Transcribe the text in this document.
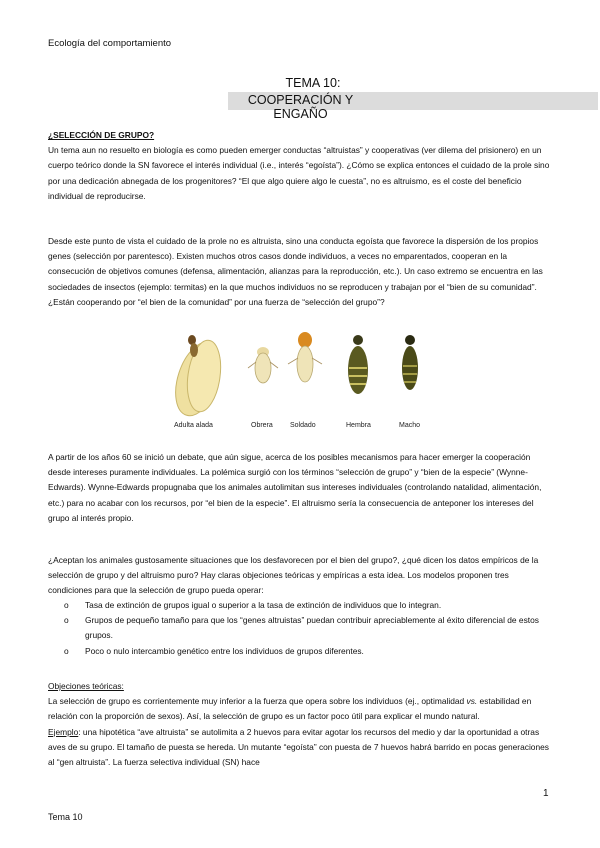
Ecología del comportamiento
TEMA 10:
COOPERACIÓN Y ENGAÑO

¿SELECCIÓN DE GRUPO?

Un tema aun no resuelto en biología es como pueden emerger conductas “altruistas” y cooperativas (ver dilema del prisionero) en un cuerpo teórico donde la SN favorece el interés individual (i.e., interés “egoísta”). ¿Cómo se explica entonces el cuidado de la prole sino por una dedicación abnegada de los progenitores? “El que algo quiere algo le cuesta”, no es altruismo, es el coste del beneficio individual de reproducirse.

Desde este punto de vista el cuidado de la prole no es altruista, sino una conducta egoísta que favorece la dispersión de los propios genes (selección por parentesco). Existen muchos otros casos donde individuos, a veces no emparentados, cooperan en la consecución de objetivos comunes (defensa, alimentación, alianzas para la reproducción, etc.). Un caso extremo se encuentra en las sociedades de insectos (ejemplo: termitas) en la que muchos individuos no se reproducen y trabajan por el “bien de su comunidad”. ¿Están cooperando por “el bien de la comunidad” por una fuerza de “selección del grupo”?

Adulta alada	Obrera Soldado	Hembra	Macho

A partir de los años 60 se inició un debate, que aún sigue, acerca de los posibles mecanismos para hacer emerger la cooperación desde intereses puramente individuales. La polémica surgió con los términos “selección de grupo” y “bien de la especie” (Wynne-Edwards). Wynne-Edwards propugnaba que los animales autolimitan sus intereses individuales (controlando natalidad, alimentación, etc.) para no acabar con los recursos, por “el bien de la especie”. El altruismo sería la consecuencia de anteponer los intereses del grupo al interés propio.

¿Aceptan los animales gustosamente situaciones que los desfavorecen por el bien del grupo?, ¿qué dicen los datos empíricos de la selección de grupo y del altruismo puro? Hay claras objeciones teóricas y empíricas a esta idea. Los modelos proponen tres condiciones para que la selección de grupo pueda operar:

o Tasa de extinción de grupos igual o superior a la tasa de extinción de individuos que lo integran.
o Grupos de pequeño tamaño para que los “genes altruistas” puedan contribuir apreciablemente al éxito diferencial de estos grupos.
o Poco o nulo intercambio genético entre los individuos de grupos diferentes.

Objeciones teóricas:

La selección de grupo es corrientemente muy inferior a la fuerza que opera sobre los individuos (ej., optimalidad vs. estabilidad en relación con la proporción de sexos). Así, la selección de grupo es un factor poco útil para explicar el mundo natural.

Ejemplo: una hipotética “ave altruista” se autolimita a 2 huevos para evitar agotar los recursos del medio y dar la oportunidad a otras aves de su grupo. El tamaño de puesta se hereda. Un mutante “egoísta” con puesta de 7 huevos habrá barrido en pocas generaciones al “gen altruista”. La fuerza selectiva individual (SN) hace

1
Tema 10
